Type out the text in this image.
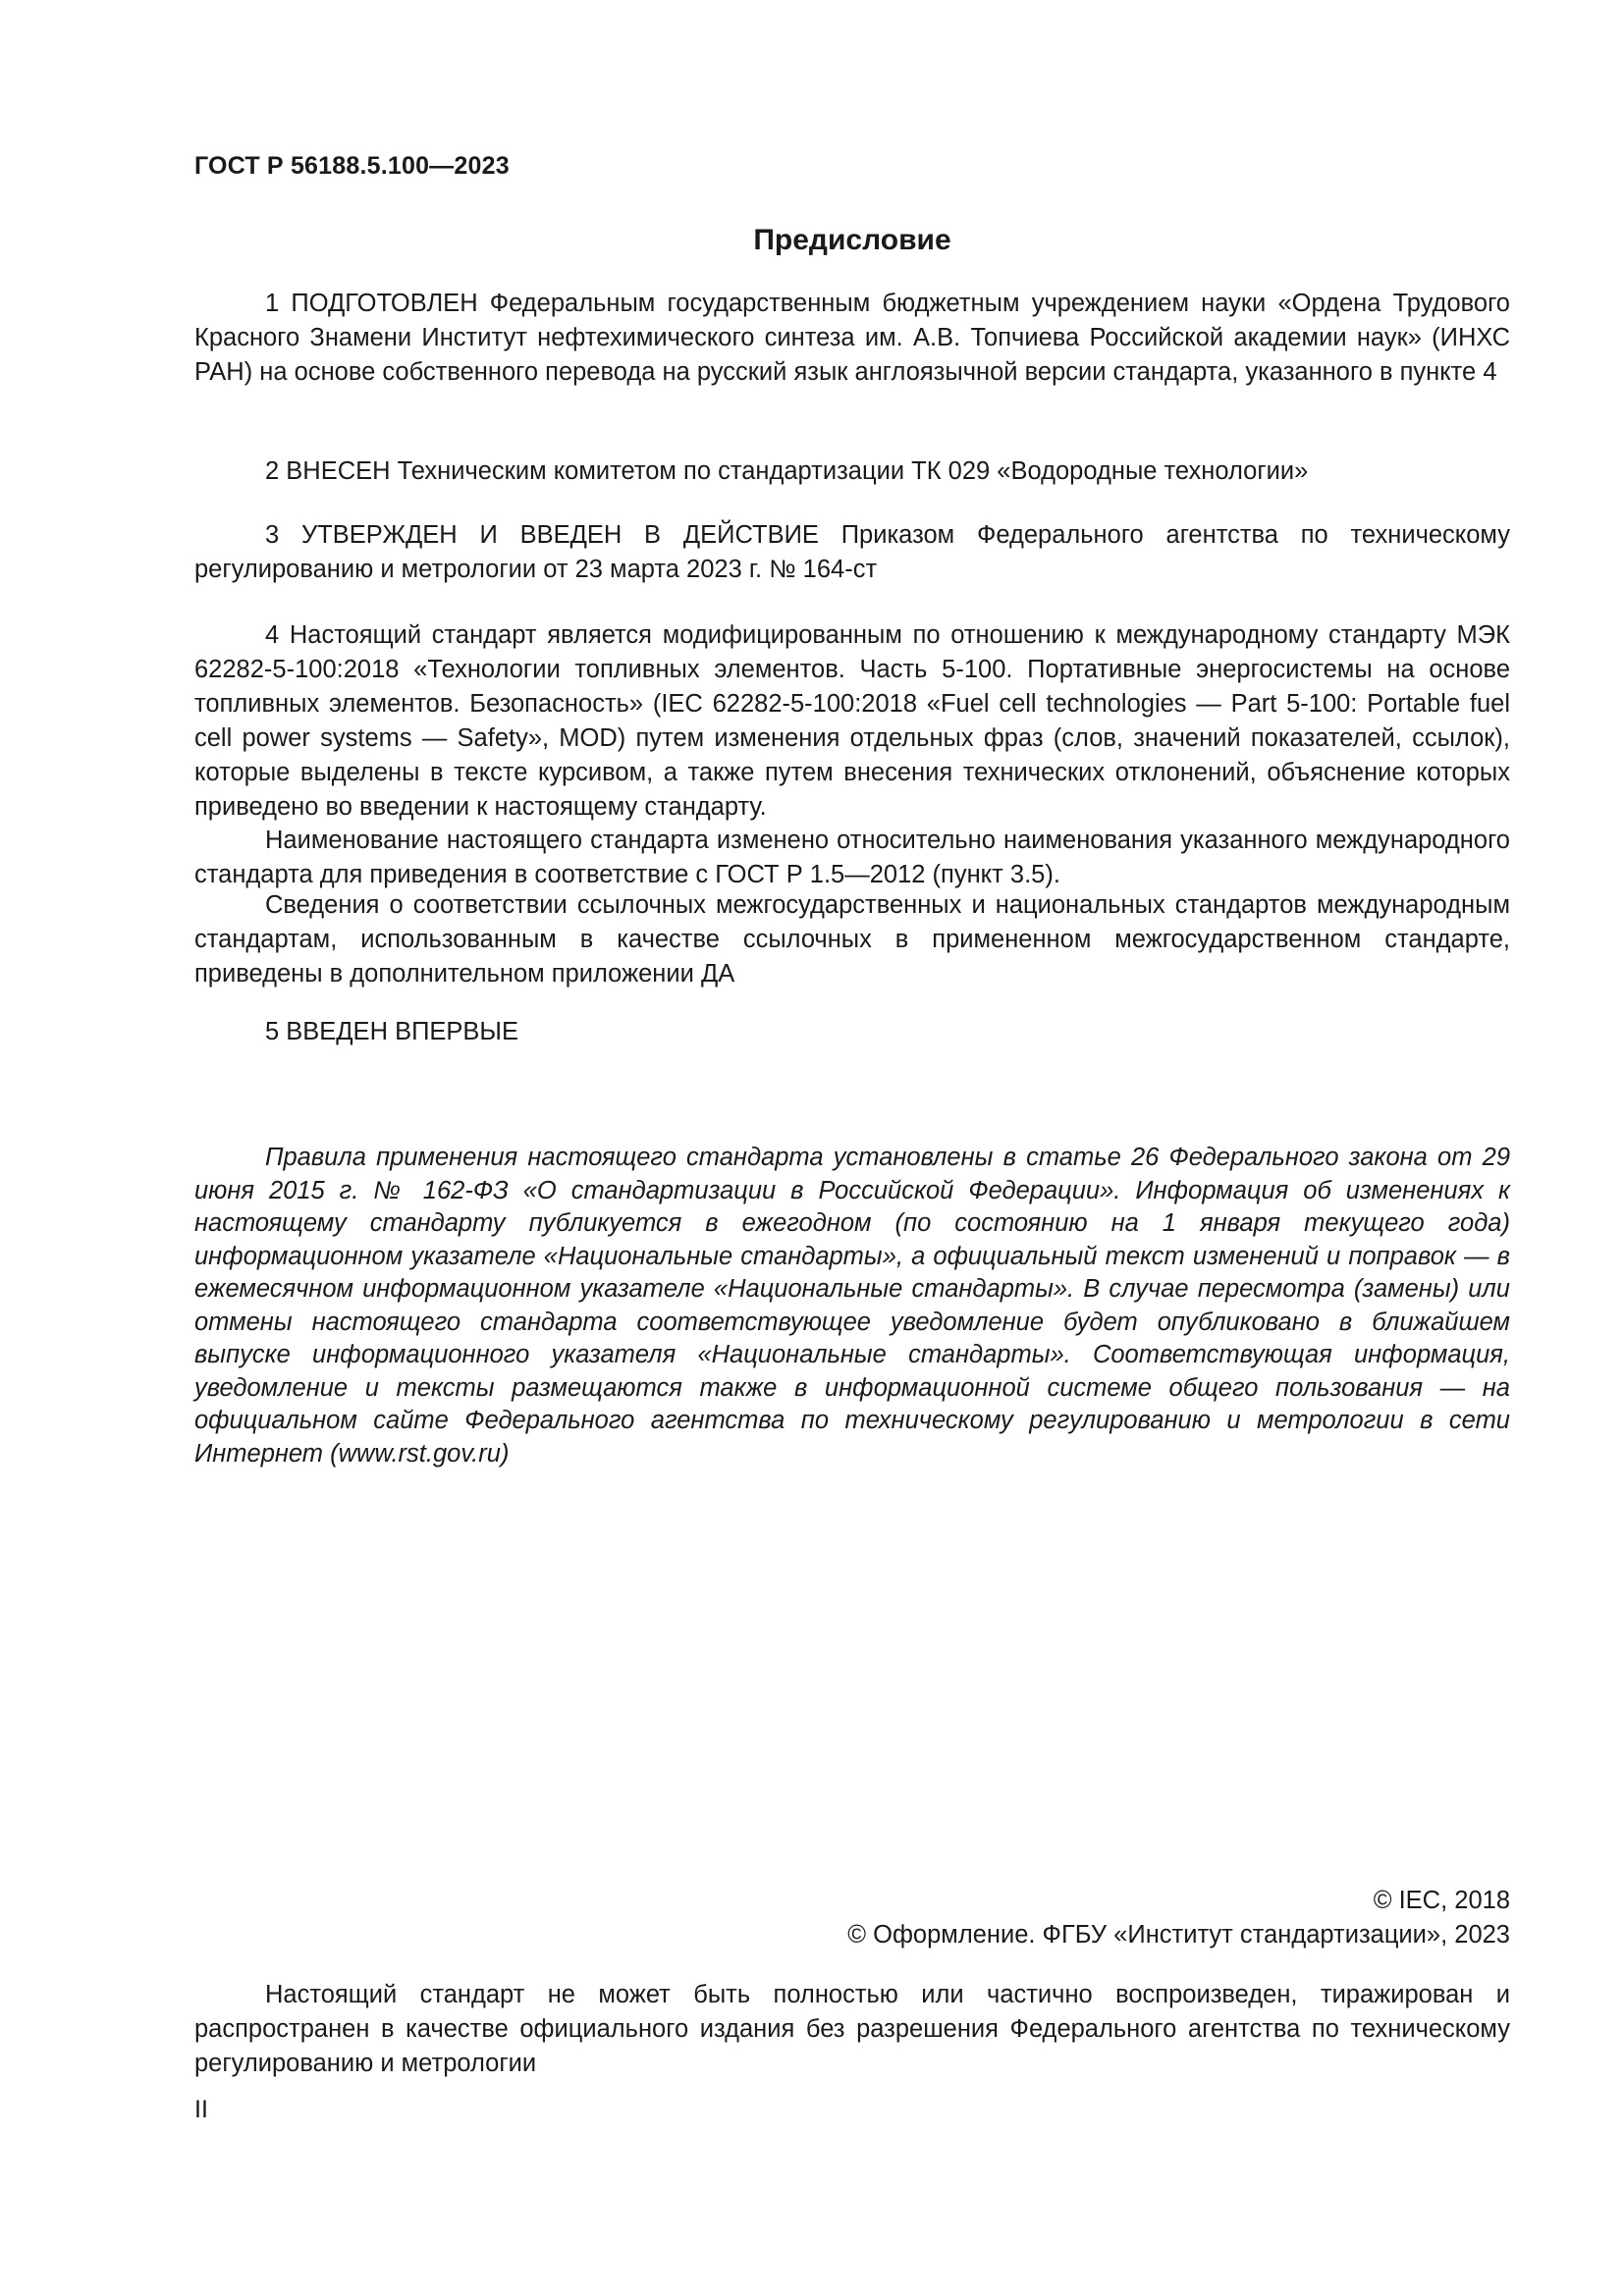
ГОСТ Р 56188.5.100—2023
Предисловие

1 ПОДГОТОВЛЕН Федеральным государственным бюджетным учреждением науки «Ордена Трудового Красного Знамени Институт нефтехимического синтеза им. А.В. Топчиева Российской академии наук» (ИНХС РАН) на основе собственного перевода на русский язык англоязычной версии стандарта, указанного в пункте 4

2 ВНЕСЕН Техническим комитетом по стандартизации ТК 029 «Водородные технологии»

3 УТВЕРЖДЕН И ВВЕДЕН В ДЕЙСТВИЕ Приказом Федерального агентства по техническому регулированию и метрологии от 23 марта 2023 г. № 164-ст

4 Настоящий стандарт является модифицированным по отношению к международному стандарту МЭК 62282-5-100:2018 «Технологии топливных элементов. Часть 5-100. Портативные энергосистемы на основе топливных элементов. Безопасность» (IEC 62282-5-100:2018 «Fuel cell technologies — Part 5-100: Portable fuel cell power systems — Safety», MOD) путем изменения отдельных фраз (слов, значений показателей, ссылок), которые выделены в тексте курсивом, а также путем внесения технических отклонений, объяснение которых приведено во введении к настоящему стандарту.

Наименование настоящего стандарта изменено относительно наименования указанного международного стандарта для приведения в соответствие с ГОСТ Р 1.5—2012 (пункт 3.5).

Сведения о соответствии ссылочных межгосударственных и национальных стандартов международным стандартам, использованным в качестве ссылочных в примененном межгосударственном стандарте, приведены в дополнительном приложении ДА

5 ВВЕДЕН ВПЕРВЫЕ

Правила применения настоящего стандарта установлены в статье 26 Федерального закона от 29 июня 2015 г. № 162-ФЗ «О стандартизации в Российской Федерации». Информация об изменениях к настоящему стандарту публикуется в ежегодном (по состоянию на 1 января текущего года) информационном указателе «Национальные стандарты», а официальный текст изменений и поправок — в ежемесячном информационном указателе «Национальные стандарты». В случае пересмотра (замены) или отмены настоящего стандарта соответствующее уведомление будет опубликовано в ближайшем выпуске информационного указателя «Национальные стандарты». Соответствующая информация, уведомление и тексты размещаются также в информационной системе общего пользования — на официальном сайте Федерального агентства по техническому регулированию и метрологии в сети Интернет (www.rst.gov.ru)

© IEC, 2018
© Оформление. ФГБУ «Институт стандартизации», 2023

Настоящий стандарт не может быть полностью или частично воспроизведен, тиражирован и распространен в качестве официального издания без разрешения Федерального агентства по техническому регулированию и метрологии

II
